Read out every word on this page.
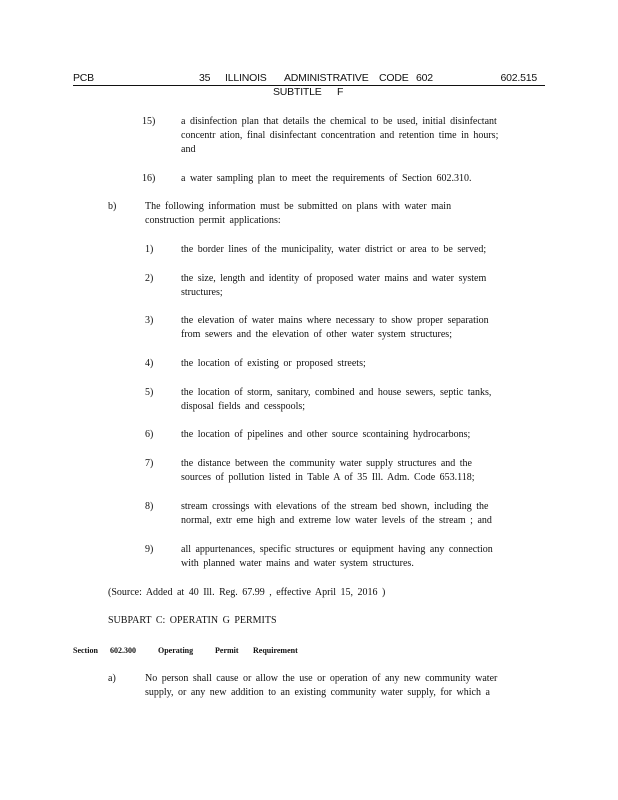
PCB	35 ILLINOIS ADMINISTRATIVE CODE 602	602.515
SUBTITLE F
15)	a disinfection plan that details the chemical to be used, initial disinfectant
concentr ation, final disinfectant concentration and retention time in hours;
and
16)	a water sampling plan to meet the requirements of Section 602.310.
b)	The following information must be submitted on plans with water main
construction permit applications:
1)	the border lines of the municipality, water district or area to be served;
2)	the size, length and identity of proposed water mains and water system
structures;
3)	the elevation of water mains where necessary to show proper separation
from sewers and the elevation of other water system structures;
4)	the location of existing or proposed streets;
5)	the location of storm, sanitary, combined and house sewers, septic tanks,
disposal fields and cesspools;
6)	the location of pipelines and other source scontaining hydrocarbons;
7)	the distance between the community water supply structures and the
sources of pollution listed in Table A of 35 Ill. Adm. Code 653.118;
8)	stream crossings with elevations of the stream bed shown, including the
normal, extr eme high and extreme low water levels of the stream ; and
9)	all appurtenances, specific structures or equipment having any connection
with planned water mains and water system structures.
(Source: Added at 40 Ill. Reg. 67.99 , effective April 15, 2016 )
SUBPART C: OPERATIN G PERMITS
Section 602.300	Operating	Permit Requirement
a)	No person shall cause or allow the use or operation of any new community water
supply, or any new addition to an existing community water supply, for which a
